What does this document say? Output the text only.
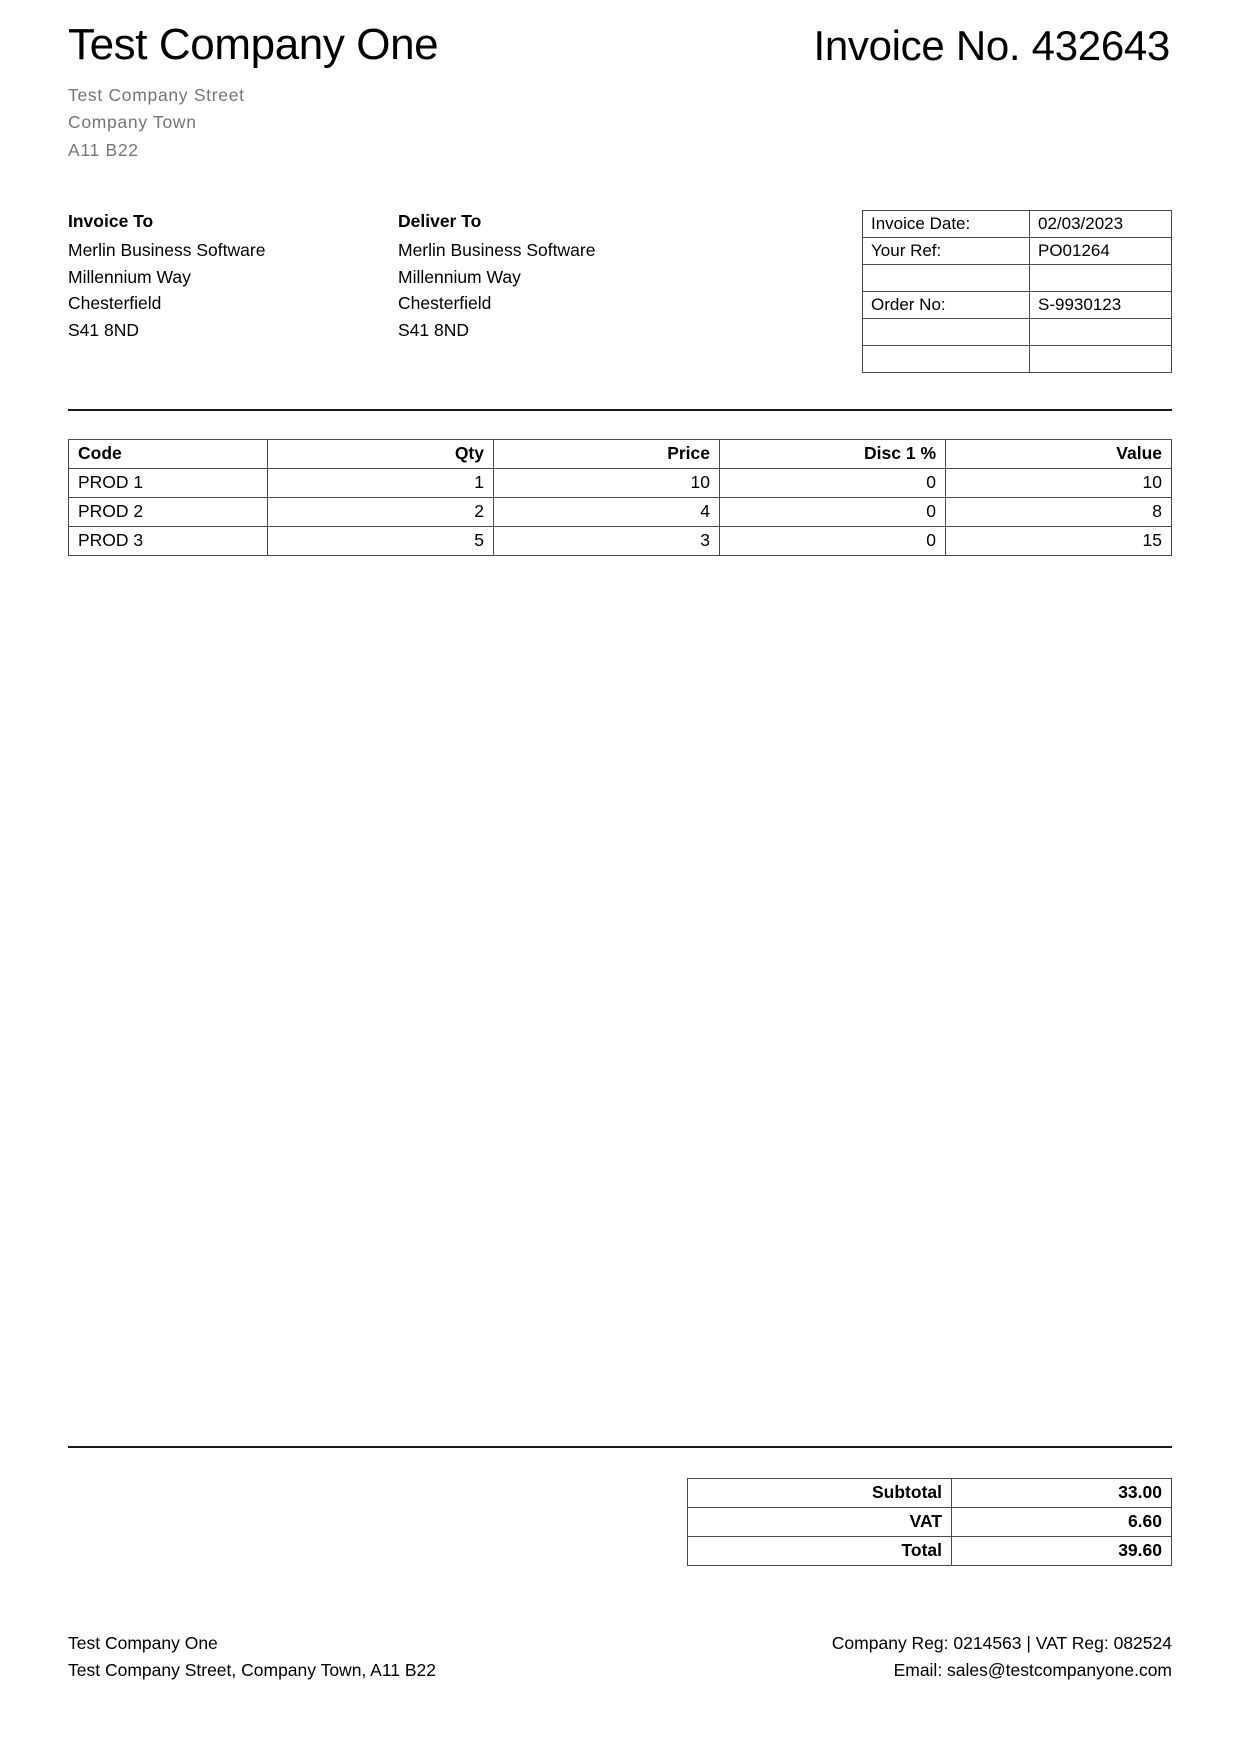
Test Company One	Invoice No. 432643
Test Company Street
Company Town
A11 B22
Invoice To
Merlin Business Software
Millennium Way
Chesterfield
S41 8ND
Deliver To
Merlin Business Software
Millennium Way
Chesterfield
S41 8ND
Invoice Date:	02/03/2023
Your Ref:	PO01264

Order No:	S-9930123

Code	Qty	Price	Disc 1 %	Value
PROD 1	1	10	0	10
PROD 2	2	4	0	8
PROD 3	5	3	0	15
Subtotal	33.00
VAT	6.60
Total	39.60
Test Company One
Test Company Street, Company Town, A11 B22
Company Reg: 0214563 | VAT Reg: 082524
Email: sales@testcompanyone.com
